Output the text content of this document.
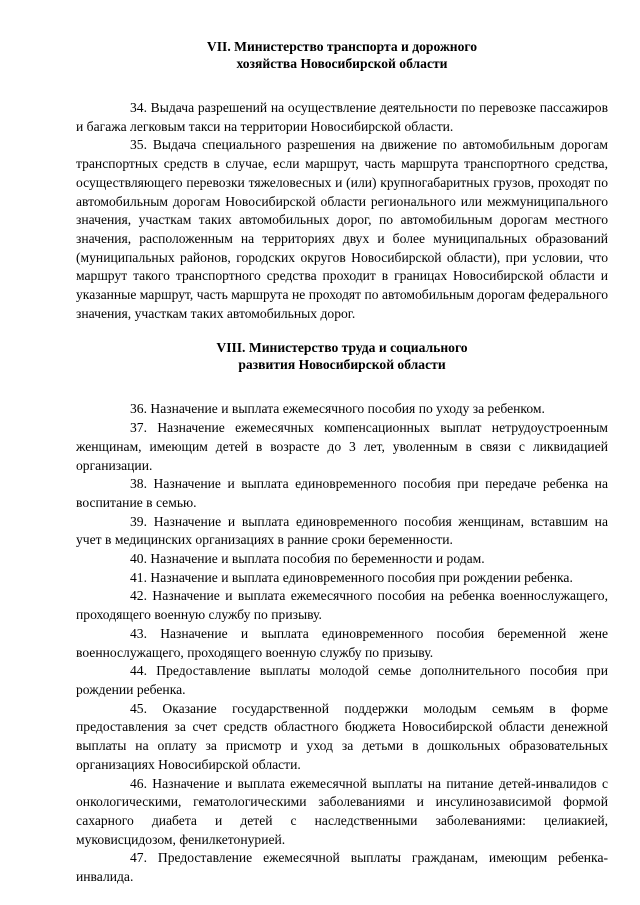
VII. Министерство транспорта и дорожного
хозяйства Новосибирской области

34. Выдача разрешений на осуществление деятельности по перевозке пассажиров и багажа легковым такси на территории Новосибирской области.

35. Выдача специального разрешения на движение по автомобильным дорогам транспортных средств в случае, если маршрут, часть маршрута транспортного средства, осуществляющего перевозки тяжеловесных и (или) крупногабаритных грузов, проходят по автомобильным дорогам Новосибирской области регионального или межмуниципального значения, участкам таких автомобильных дорог, по автомобильным дорогам местного значения, расположенным на территориях двух и более муниципальных образований (муниципальных районов, городских округов Новосибирской области), при условии, что маршрут такого транспортного средства проходит в границах Новосибирской области и указанные маршрут, часть маршрута не проходят по автомобильным дорогам федерального значения, участкам таких автомобильных дорог.

VIII. Министерство труда и социального
развития Новосибирской области

36. Назначение и выплата ежемесячного пособия по уходу за ребенком.

37. Назначение ежемесячных компенсационных выплат нетрудоустроенным женщинам, имеющим детей в возрасте до 3 лет, уволенным в связи с ликвидацией организации.

38. Назначение и выплата единовременного пособия при передаче ребенка на воспитание в семью.

39. Назначение и выплата единовременного пособия женщинам, вставшим на учет в медицинских организациях в ранние сроки беременности.

40. Назначение и выплата пособия по беременности и родам.

41. Назначение и выплата единовременного пособия при рождении ребенка.

42. Назначение и выплата ежемесячного пособия на ребенка военнослужащего, проходящего военную службу по призыву.

43. Назначение и выплата единовременного пособия беременной жене военнослужащего, проходящего военную службу по призыву.

44. Предоставление выплаты молодой семье дополнительного пособия при рождении ребенка.

45. Оказание государственной поддержки молодым семьям в форме предоставления за счет средств областного бюджета Новосибирской области денежной выплаты на оплату за присмотр и уход за детьми в дошкольных образовательных организациях Новосибирской области.

46. Назначение и выплата ежемесячной выплаты на питание детей-инвалидов с онкологическими, гематологическими заболеваниями и инсулинозависимой формой сахарного диабета и детей с наследственными заболеваниями: целиакией, муковисцидозом, фенилкетонурией.

47. Предоставление ежемесячной выплаты гражданам, имеющим ребенка-инвалида.
